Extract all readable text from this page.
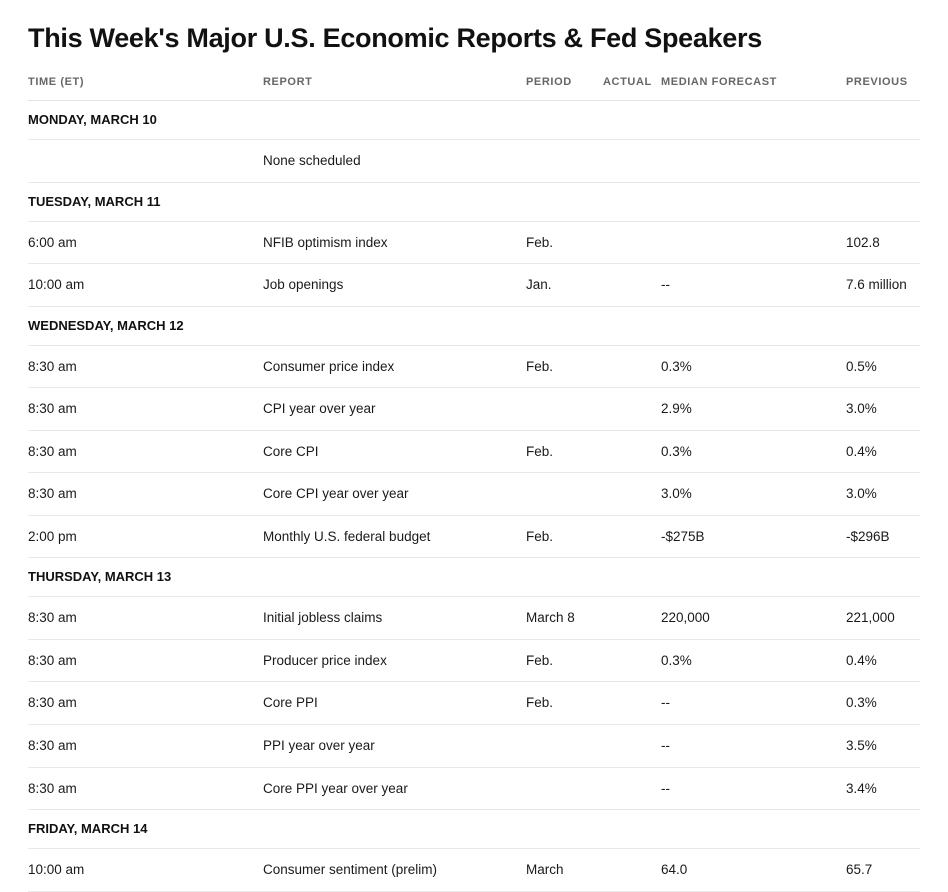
This Week's Major U.S. Economic Reports & Fed Speakers
TIME (ET)	REPORT	PERIOD	ACTUAL	MEDIAN FORECAST	PREVIOUS
MONDAY, MARCH 10					
	None scheduled				
TUESDAY, MARCH 11					
6:00 am	NFIB optimism index	Feb.			102.8
10:00 am	Job openings	Jan.		--	7.6 million
WEDNESDAY, MARCH 12					
8:30 am	Consumer price index	Feb.		0.3%	0.5%
8:30 am	CPI year over year			2.9%	3.0%
8:30 am	Core CPI	Feb.		0.3%	0.4%
8:30 am	Core CPI year over year			3.0%	3.0%
2:00 pm	Monthly U.S. federal budget	Feb.		-$275B	-$296B
THURSDAY, MARCH 13					
8:30 am	Initial jobless claims	March 8		220,000	221,000
8:30 am	Producer price index	Feb.		0.3%	0.4%
8:30 am	Core PPI	Feb.		--	0.3%
8:30 am	PPI year over year			--	3.5%
8:30 am	Core PPI year over year			--	3.4%
FRIDAY, MARCH 14					
10:00 am	Consumer sentiment (prelim)	March		64.0	65.7
